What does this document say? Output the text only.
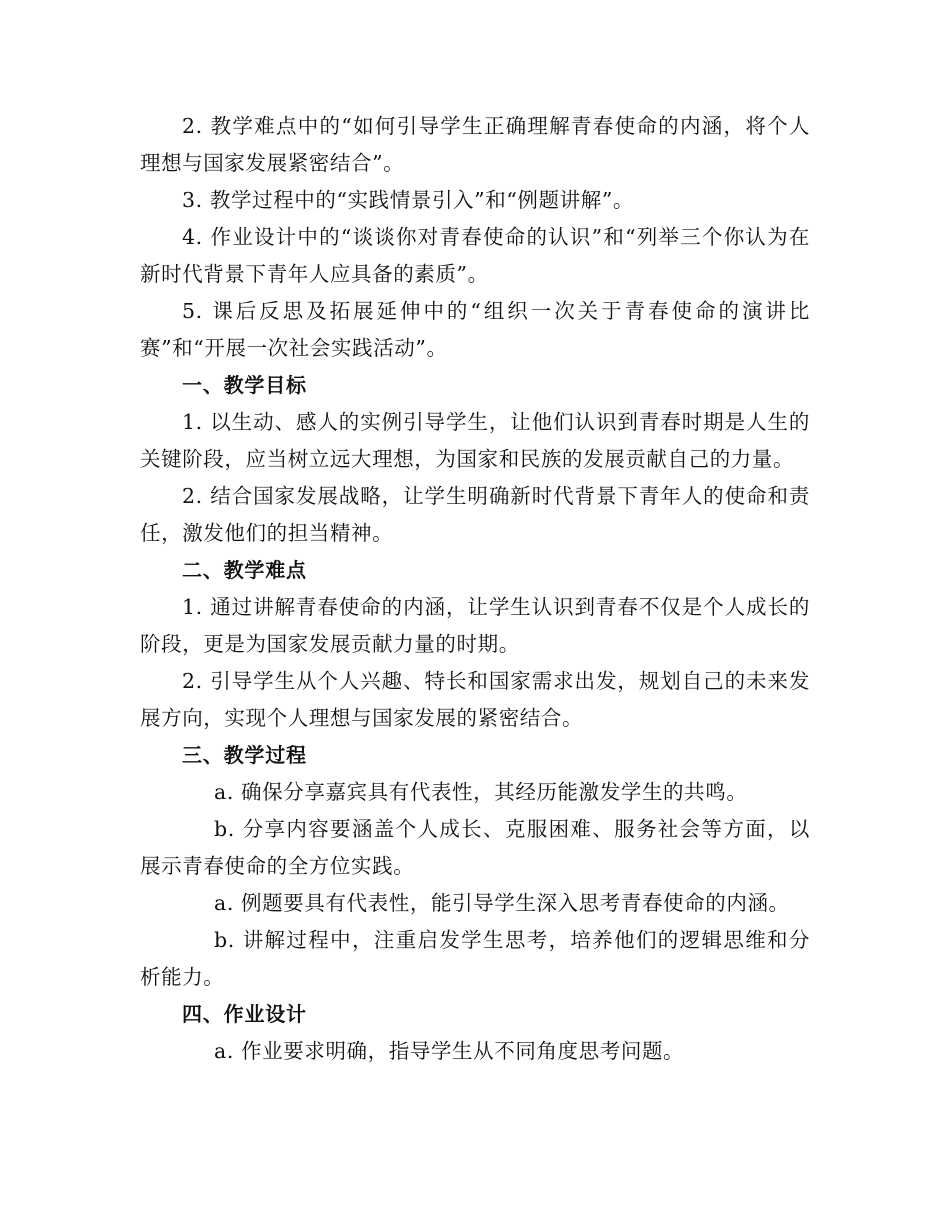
2. 教学难点中的“如何引导学生正确理解青春使命的内涵，将个人理想与国家发展紧密结合”。

3. 教学过程中的“实践情景引入”和“例题讲解”。

4. 作业设计中的“谈谈你对青春使命的认识”和“列举三个你认为在新时代背景下青年人应具备的素质”。

5. 课后反思及拓展延伸中的“组织一次关于青春使命的演讲比赛”和“开展一次社会实践活动”。

一、教学目标

1. 以生动、感人的实例引导学生，让他们认识到青春时期是人生的关键阶段，应当树立远大理想，为国家和民族的发展贡献自己的力量。

2. 结合国家发展战略，让学生明确新时代背景下青年人的使命和责任，激发他们的担当精神。

二、教学难点

1. 通过讲解青春使命的内涵，让学生认识到青春不仅是个人成长的阶段，更是为国家发展贡献力量的时期。

2. 引导学生从个人兴趣、特长和国家需求出发，规划自己的未来发展方向，实现个人理想与国家发展的紧密结合。

三、教学过程

a. 确保分享嘉宾具有代表性，其经历能激发学生的共鸣。

b. 分享内容要涵盖个人成长、克服困难、服务社会等方面，以展示青春使命的全方位实践。

a. 例题要具有代表性，能引导学生深入思考青春使命的内涵。

b. 讲解过程中，注重启发学生思考，培养他们的逻辑思维和分析能力。

四、作业设计

a. 作业要求明确，指导学生从不同角度思考问题。
